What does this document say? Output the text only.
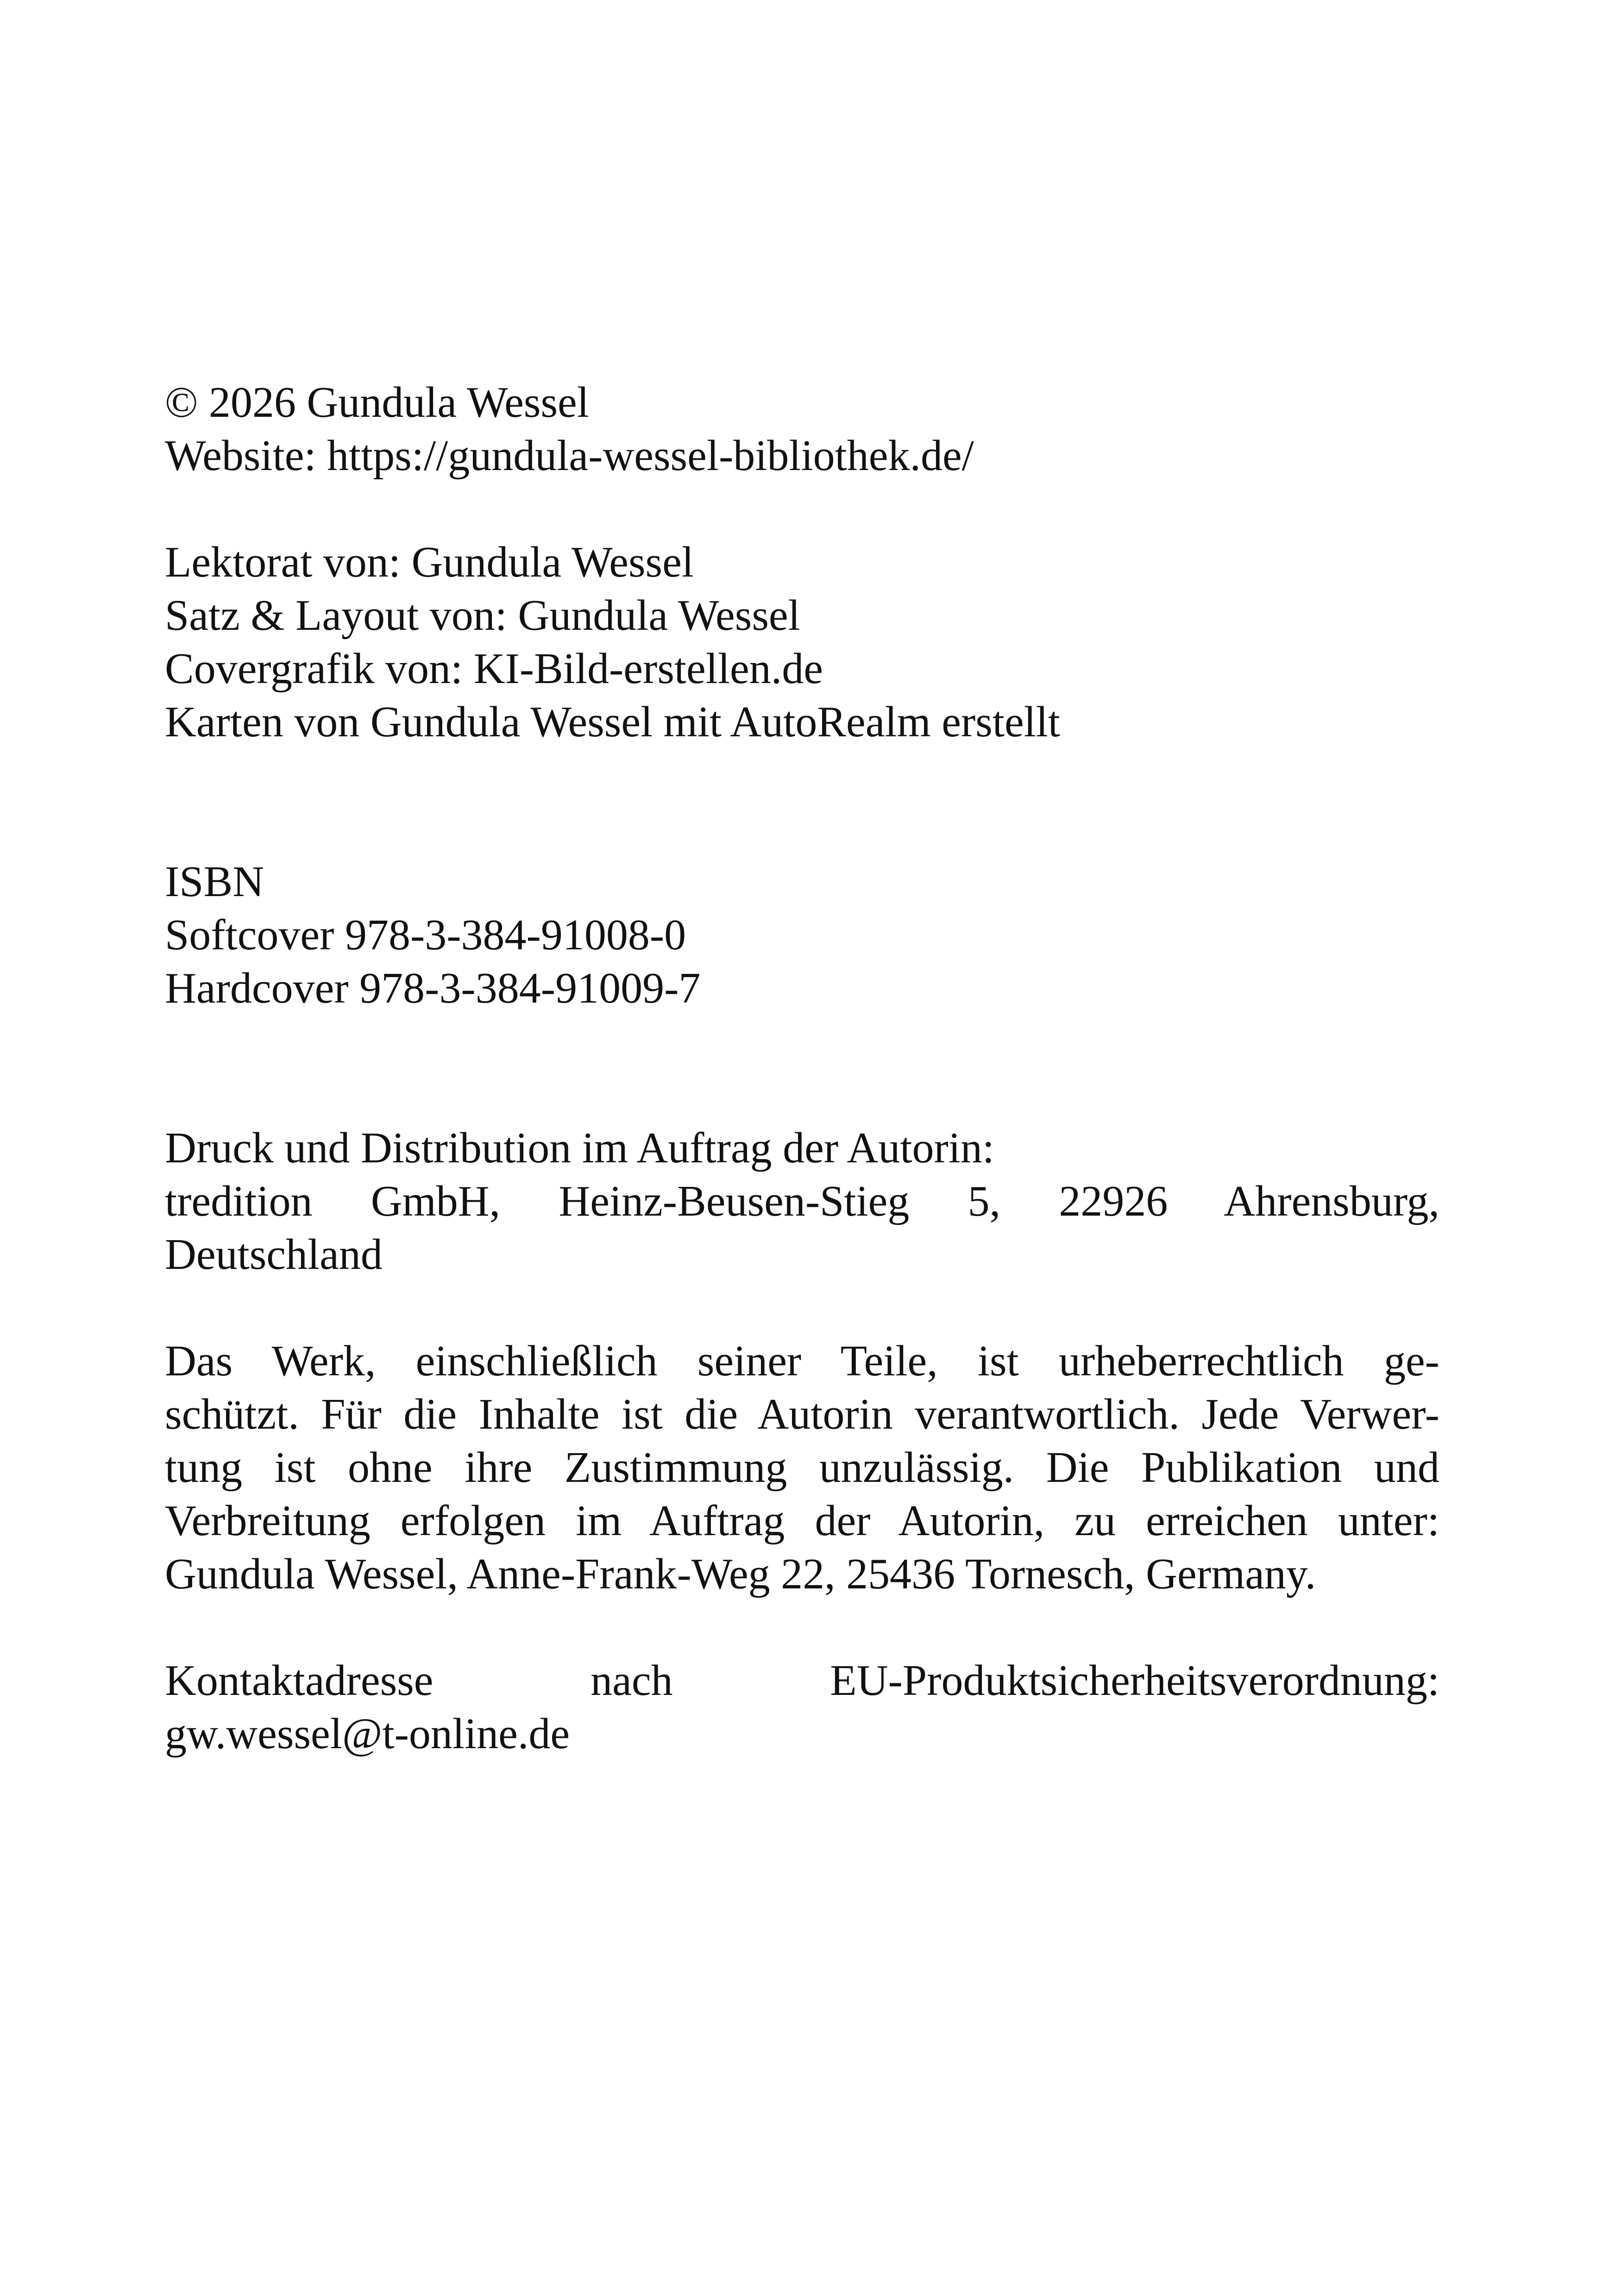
© 2026 Gundula Wessel
Website: https://gundula-wessel-bibliothek.de/
Lektorat von: Gundula Wessel
Satz & Layout von: Gundula Wessel
Covergrafik von: KI-Bild-erstellen.de
Karten von Gundula Wessel mit AutoRealm erstellt
ISBN
Softcover 978-3-384-91008-0
Hardcover 978-3-384-91009-7
Druck und Distribution im Auftrag der Autorin:
tredition GmbH, Heinz-Beusen-Stieg 5, 22926 Ahrensburg,
Deutschland
Das Werk, einschließlich seiner Teile, ist urheberrechtlich ge-
schützt. Für die Inhalte ist die Autorin verantwortlich. Jede Verwer-
tung ist ohne ihre Zustimmung unzulässig. Die Publikation und
Verbreitung erfolgen im Auftrag der Autorin, zu erreichen unter:
Gundula Wessel, Anne-Frank-Weg 22, 25436 Tornesch, Germany.
Kontaktadresse nach EU-Produktsicherheitsverordnung:
gw.wessel@t-online.de
